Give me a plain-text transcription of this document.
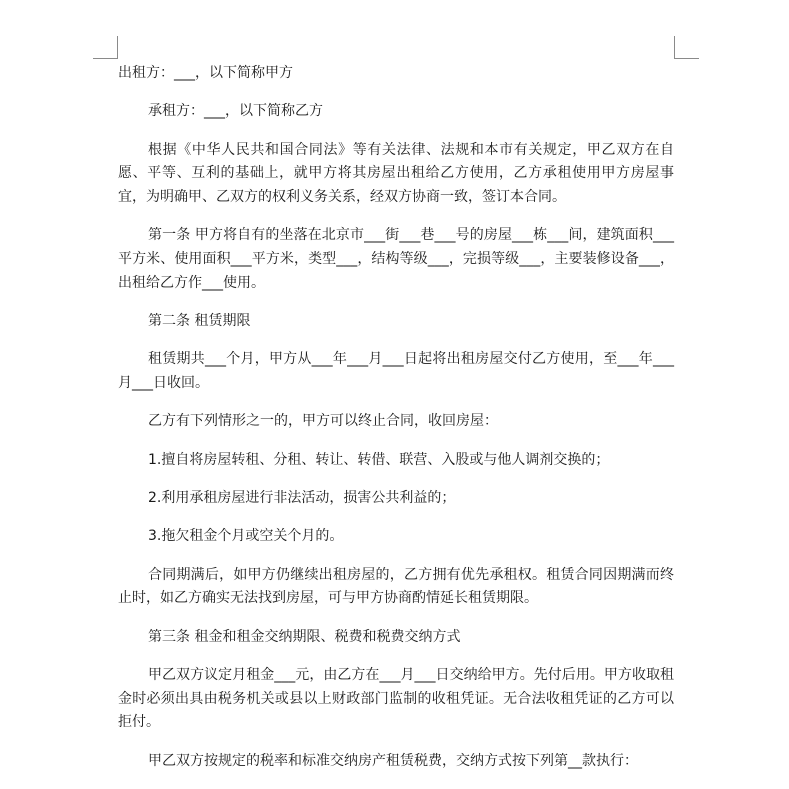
出租方：___，以下简称甲方

承租方：___，以下简称乙方

根据《中华人民共和国合同法》等有关法律、法规和本市有关规定，甲乙双方在自愿、平等、互利的基础上，就甲方将其房屋出租给乙方使用，乙方承租使用甲方房屋事宜，为明确甲、乙双方的权利义务关系，经双方协商一致，签订本合同。

第一条 甲方将自有的坐落在北京市___街___巷___号的房屋___栋___间，建筑面积___平方米、使用面积___平方米，类型___，结构等级___，完损等级___，主要装修设备___，出租给乙方作___使用。

第二条 租赁期限

租赁期共___个月，甲方从___年___月___日起将出租房屋交付乙方使用，至___年___月___日收回。

乙方有下列情形之一的，甲方可以终止合同，收回房屋：

1.擅自将房屋转租、分租、转让、转借、联营、入股或与他人调剂交换的；

2.利用承租房屋进行非法活动，损害公共利益的；

3.拖欠租金个月或空关个月的。

合同期满后，如甲方仍继续出租房屋的，乙方拥有优先承租权。租赁合同因期满而终止时，如乙方确实无法找到房屋，可与甲方协商酌情延长租赁期限。

第三条 租金和租金交纳期限、税费和税费交纳方式

甲乙双方议定月租金___元，由乙方在___月___日交纳给甲方。先付后用。甲方收取租金时必须出具由税务机关或县以上财政部门监制的收租凭证。无合法收租凭证的乙方可以拒付。

甲乙双方按规定的税率和标准交纳房产租赁税费，交纳方式按下列第__款执行：
